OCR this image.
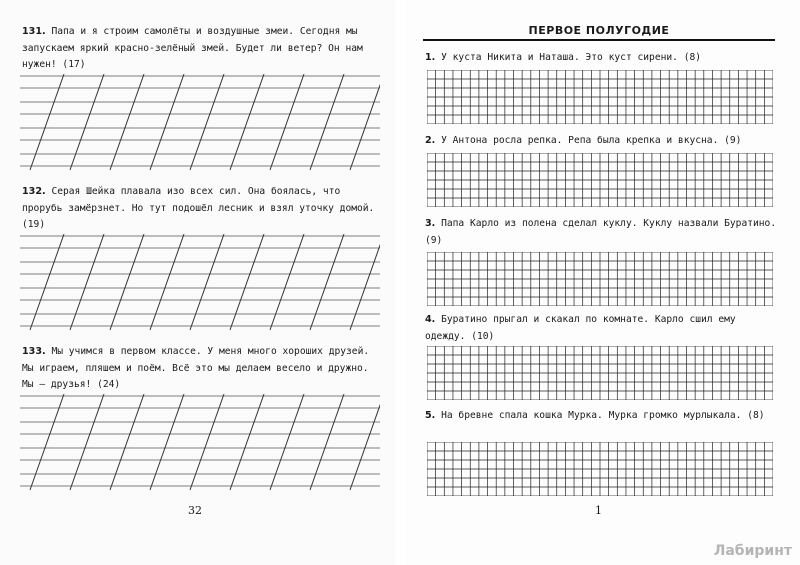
131. Папа и я строим самолёты и воздушные змеи. Сегодня мы запускаем яркий красно-зелёный змей. Будет ли ветер? Он нам нужен! (17)
132. Серая Шейка плавала изо всех сил. Она боялась, что прорубь замёрзнет. Но тут подошёл лесник и взял уточку домой. (19)
133. Мы учимся в первом классе. У меня много хороших друзей. Мы играем, пляшем и поём. Всё это мы делаем весело и дружно. Мы — друзья! (24)
32
ПЕРВОЕ ПОЛУГОДИЕ
1. У куста Никита и Наташа. Это куст сирени. (8)
2. У Антона росла репка. Репа была крепка и вкусна. (9)
3. Папа Карло из полена сделал куклу. Куклу назвали Буратино. (9)
4. Буратино прыгал и скакал по комнате. Карло сшил ему одежду. (10)
5. На бревне спала кошка Мурка. Мурка громко мурлыкала. (8)
1
Лабиринт
